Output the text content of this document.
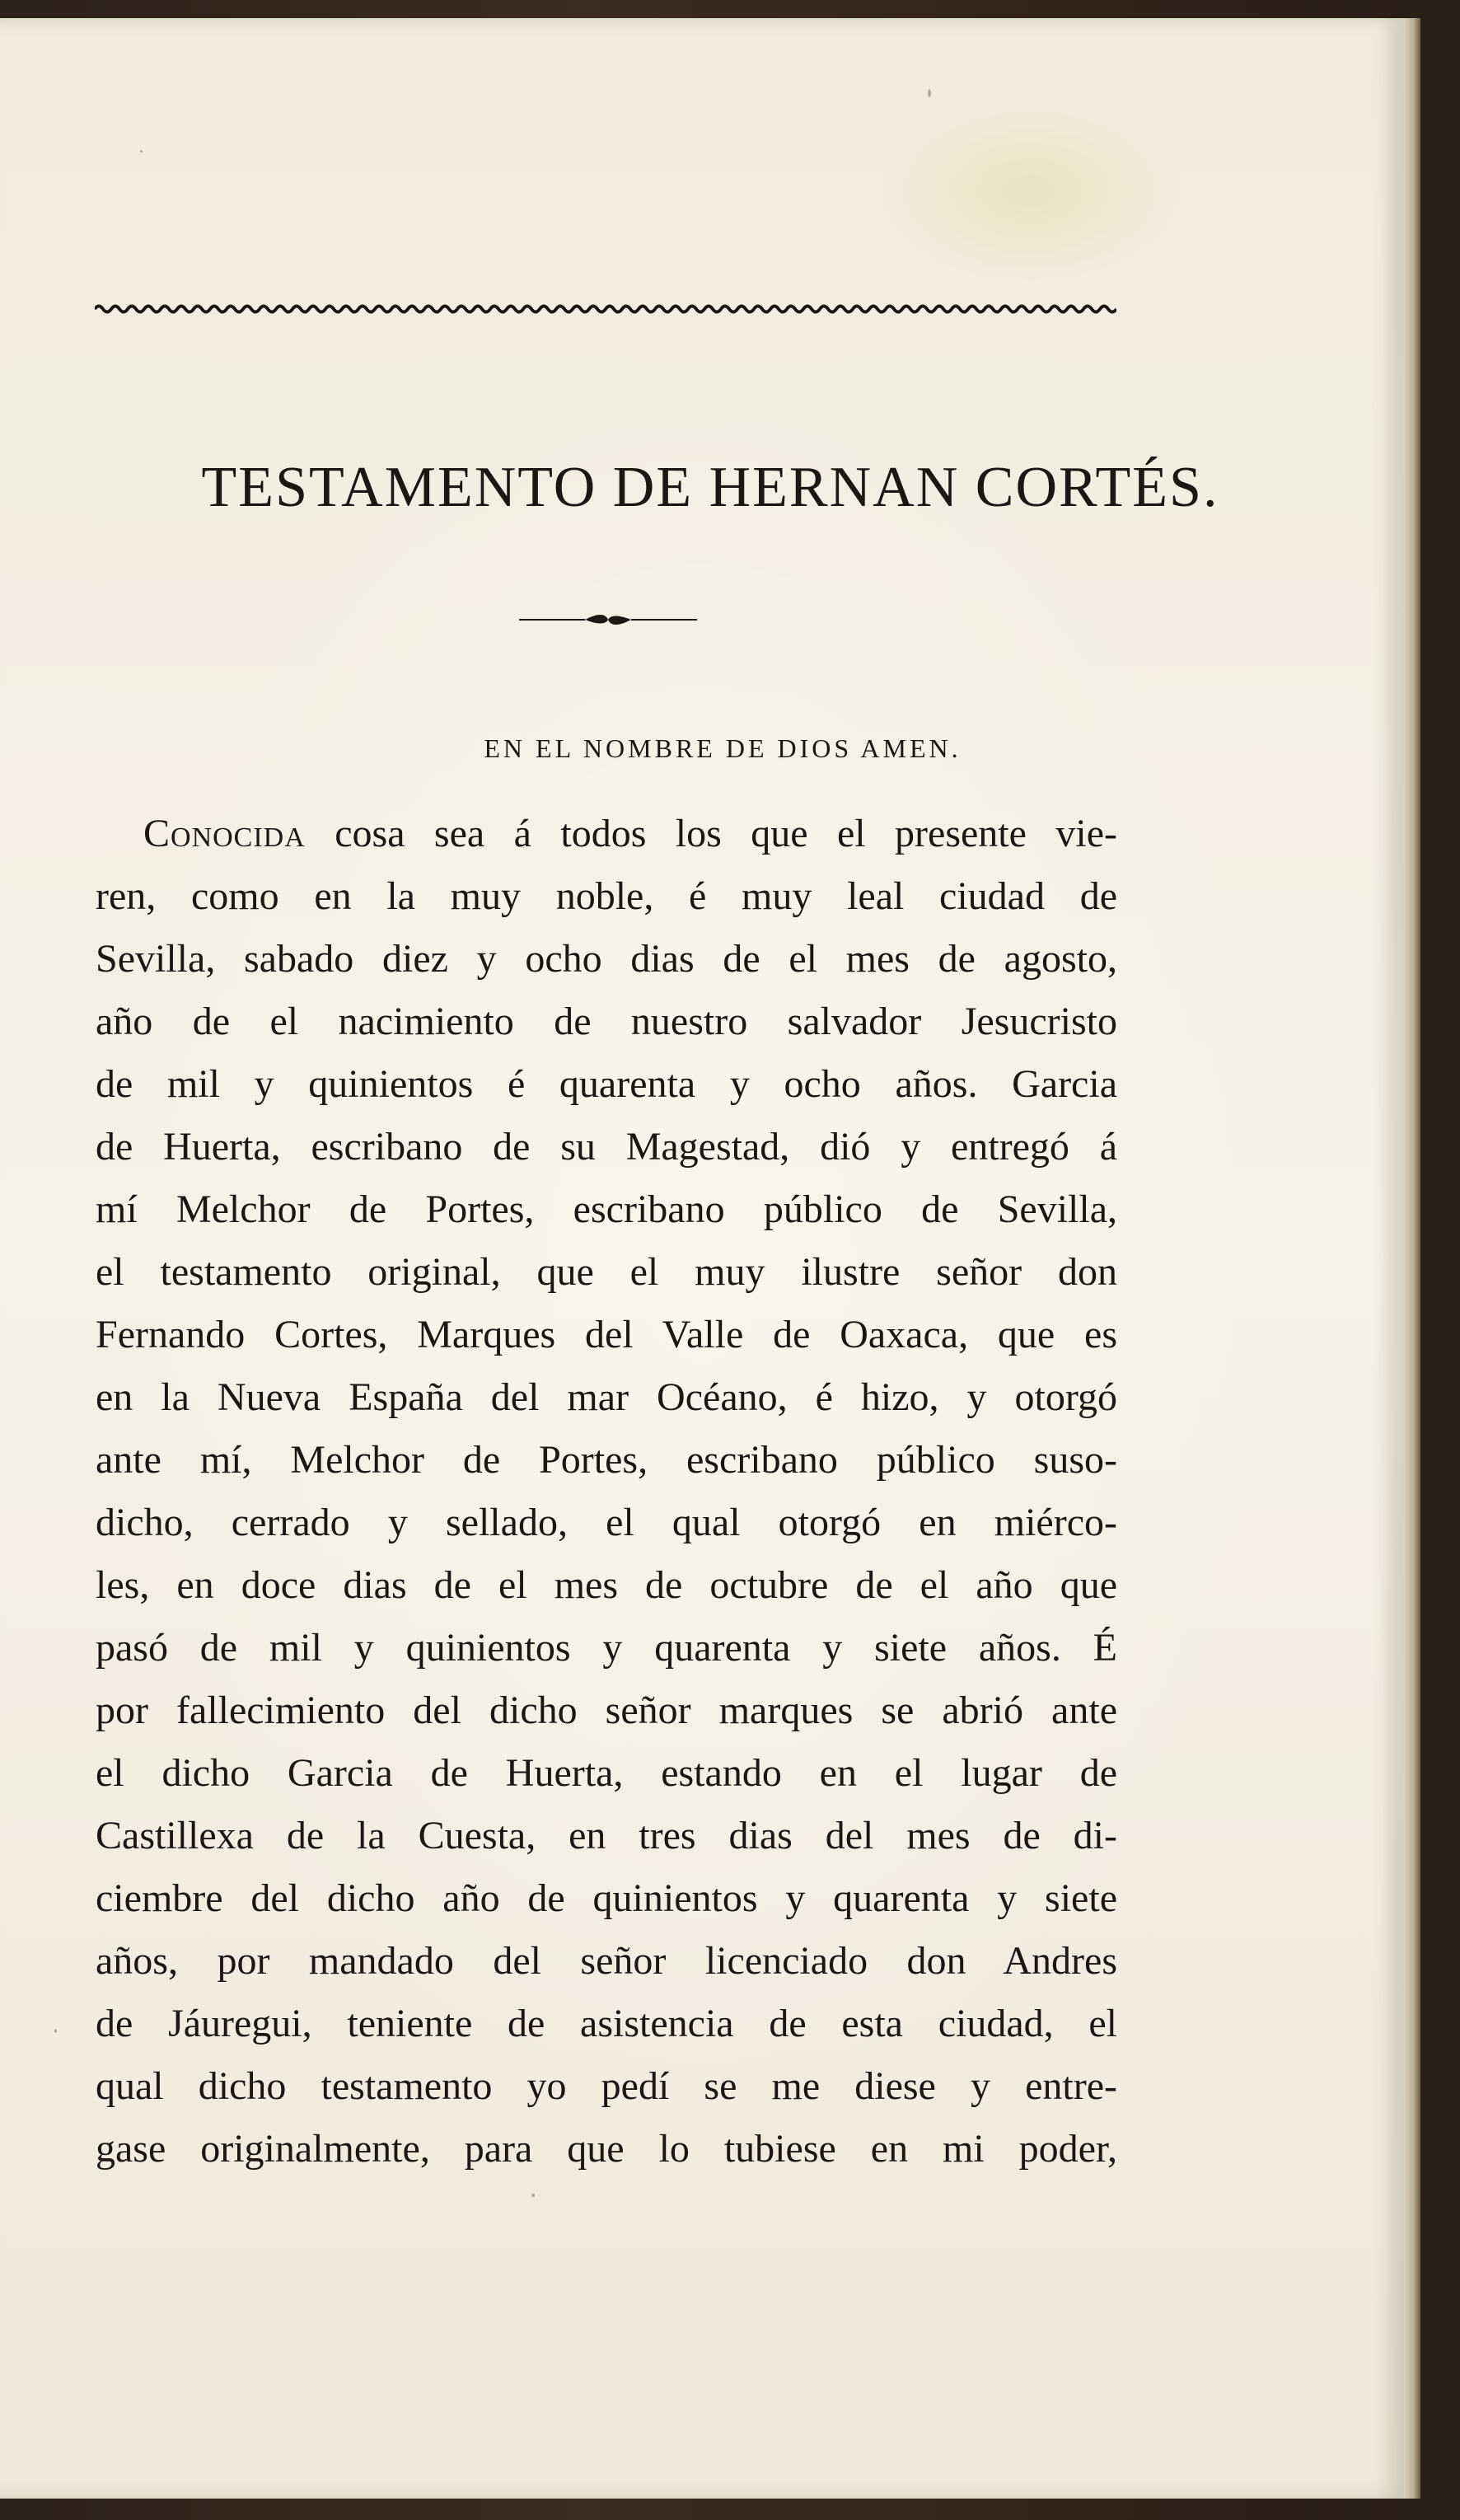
TESTAMENTO DE HERNAN CORTÉS.
EN EL NOMBRE DE DIOS AMEN.
Conocida cosa sea á todos los que el presente vie-
ren, como en la muy noble, é muy leal ciudad de
Sevilla, sabado diez y ocho dias de el mes de agosto,
año de el nacimiento de nuestro salvador Jesucristo
de mil y quinientos é quarenta y ocho años. Garcia
de Huerta, escribano de su Magestad, dió y entregó á
mí Melchor de Portes, escribano público de Sevilla,
el testamento original, que el muy ilustre señor don
Fernando Cortes, Marques del Valle de Oaxaca, que es
en la Nueva España del mar Océano, é hizo, y otorgó
ante mí, Melchor de Portes, escribano público suso-
dicho, cerrado y sellado, el qual otorgó en miérco-
les, en doce dias de el mes de octubre de el año que
pasó de mil y quinientos y quarenta y siete años. É
por fallecimiento del dicho señor marques se abrió ante
el dicho Garcia de Huerta, estando en el lugar de
Castillexa de la Cuesta, en tres dias del mes de di-
ciembre del dicho año de quinientos y quarenta y siete
años, por mandado del señor licenciado don Andres
de Jáuregui, teniente de asistencia de esta ciudad, el
qual dicho testamento yo pedí se me diese y entre-
gase originalmente, para que lo tubiese en mi poder,
